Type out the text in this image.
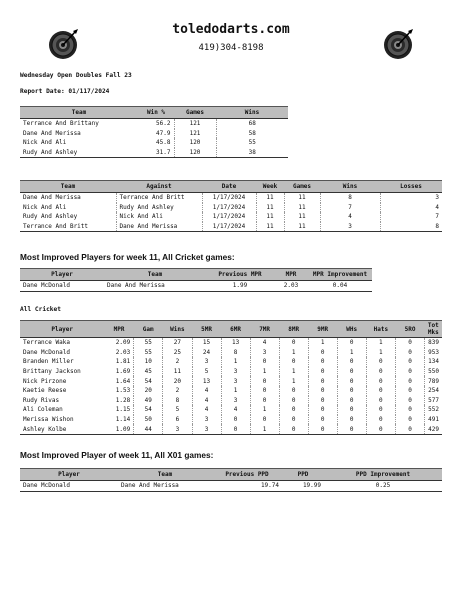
toledodarts.com
419)304-8198
Wednesday Open Doubles Fall 23
Report Date: 01/117/2024
Team	Win %	Games	Wins
Terrance And Brittany	56.2	121	68
Dane And Merissa	47.9	121	58
Nick And Ali	45.8	120	55
Rudy And Ashley	31.7	120	38
Team	Against	Date	Week	Games	Wins	Losses
Dane And Merissa	Terrance And Britt	1/17/2024	11	11	8	3
Nick And Ali	Rudy And Ashley	1/17/2024	11	11	7	4
Rudy And Ashley	Nick And Ali	1/17/2024	11	11	4	7
Terrance And Britt	Dane And Merissa	1/17/2024	11	11	3	8
Most Improved Players for week 11, All Cricket games:
Player	Team	Previous MPR	MPR	MPR Improvement
Dane McDonald	Dane And Merissa	1.99	2.03	0.04
All Cricket
Player	MPR	Gam	Wins	5MR	6MR	7MR	8MR	9MR	WHs	Hats	5RO	Tot Mks
Terrance Waka	2.09	55	27	15	13	4	0	1	0	1	0	839
Dane McDonald	2.03	55	25	24	8	3	1	0	1	1	0	953
Branden Miller	1.81	10	2	3	1	0	0	0	0	0	0	134
Brittany Jackson	1.69	45	11	5	3	1	1	0	0	0	0	550
Nick Pirzone	1.64	54	20	13	3	0	1	0	0	0	0	789
Kaetie Reese	1.53	20	2	4	1	0	0	0	0	0	0	254
Rudy Rivas	1.28	49	8	4	3	0	0	0	0	0	0	577
Ali Coleman	1.15	54	5	4	4	1	0	0	0	0	0	552
Merissa Wishon	1.14	50	6	3	0	0	0	0	0	0	0	491
Ashley Kolbe	1.09	44	3	3	0	1	0	0	0	0	0	429
Most Improved Player of week 11, All X01 games:
Player	Team	Previous PPD	PPD	PPD Improvement
Dane McDonald	Dane And Merissa	19.74	19.99	0.25
